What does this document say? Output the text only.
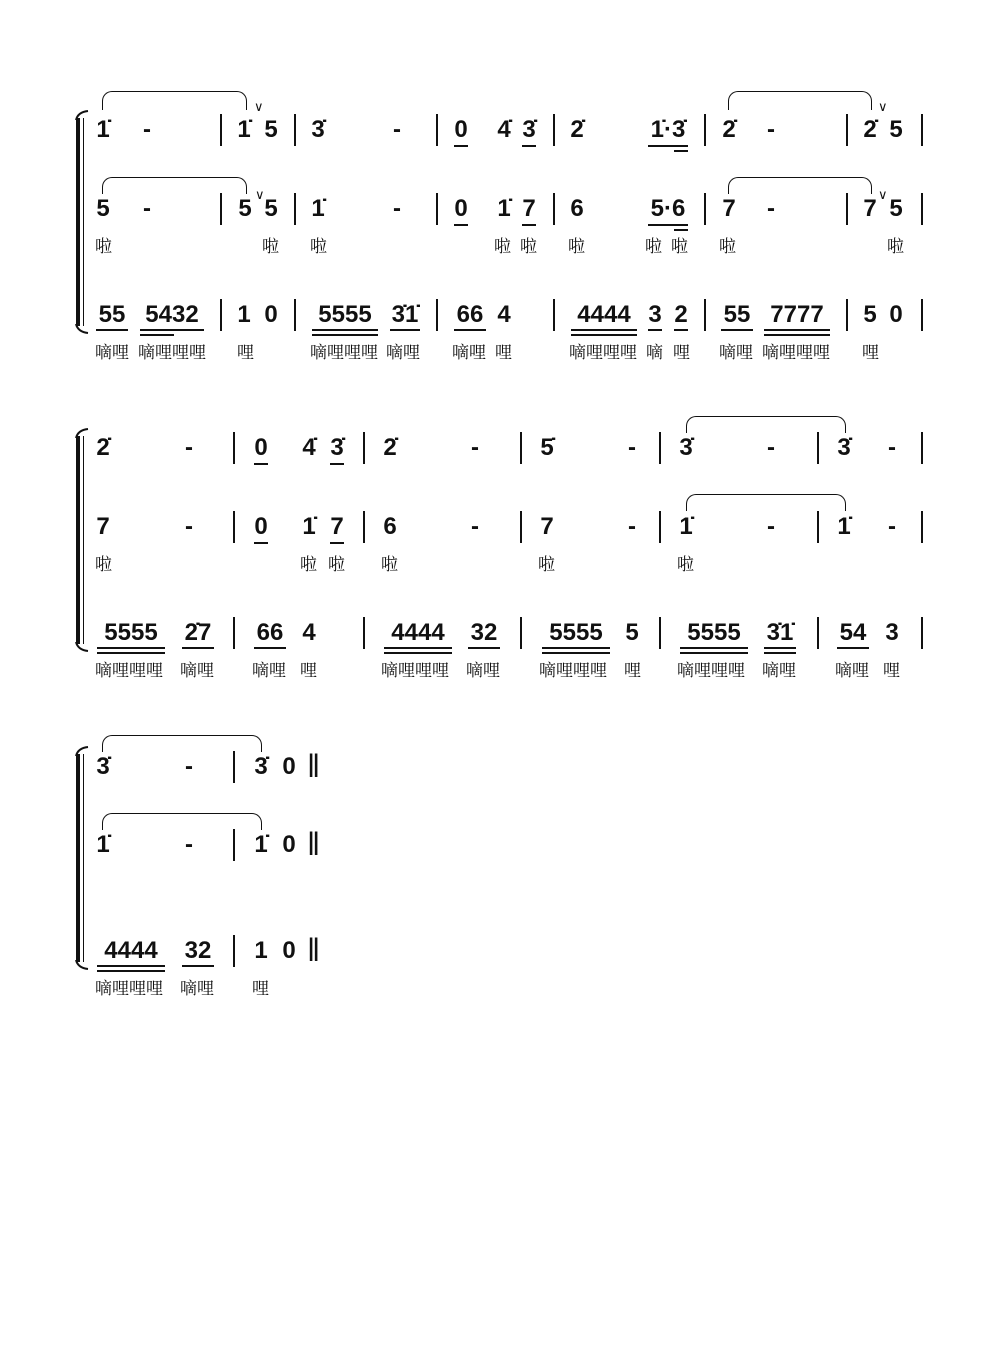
∨	∨
1̇ -	1̇ 5 3̇	- 0 4̇ 3̇ 2̇	1̇·3̇ 2̇ -	2̇ 5
∨	∨
5 -	5 5 1̇	- 0 1̇ 7 6	5·6 7 -	7 5
啦	啦 啦	啦 啦 啦	啦 啦 啦	啦
55 5432 1 0 5555 3̇1̇ 66 4	4444 3 2 55 7777 5 0
嘀哩 嘀哩哩哩 哩	嘀哩哩哩 嘀哩 嘀哩 哩	嘀哩哩哩 嘀 哩 嘀哩 嘀哩哩哩 哩
2̇	-	0 4̇ 3̇ 2̇	-	5̇	- 3̇	-	3̇ -
7	-	0 1̇ 7 6	-	7	- 1̇	-	1̇ -
啦	啦 啦 啦	啦	啦
5555 2̇7 66 4	4444 32 5555 5 5555 3̇1̇ 54 3
嘀哩哩哩 嘀哩 嘀哩 哩	嘀哩哩哩 嘀哩 嘀哩哩哩 哩 嘀哩哩哩 嘀哩 嘀哩 哩
3̇	-	3̇ 0 ‖
1̇	-	1̇ 0 ‖
4444 32 1 0 ‖
嘀哩哩哩 嘀哩 哩
